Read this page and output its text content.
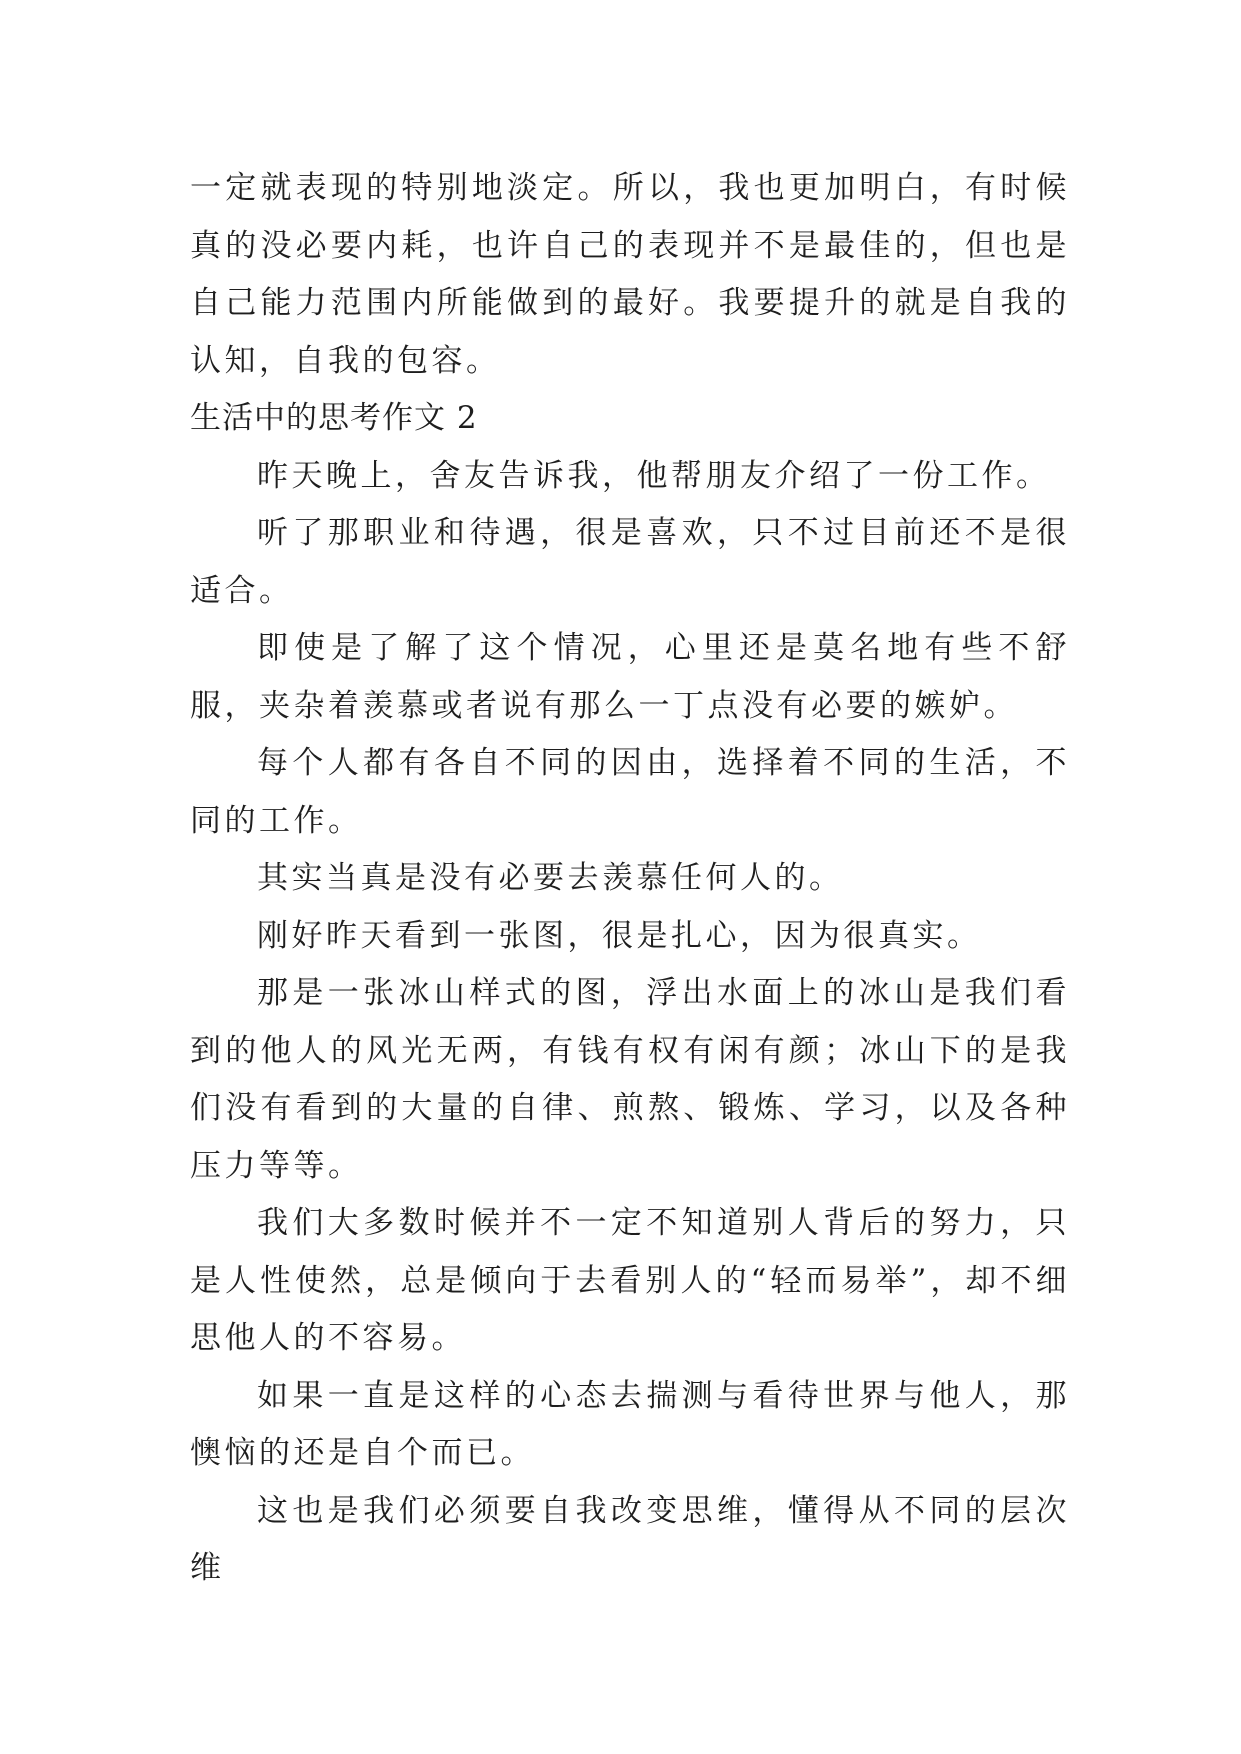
一定就表现的特别地淡定。所以，我也更加明白，有时候真的没必要内耗，也许自己的表现并不是最佳的，但也是自己能力范围内所能做到的最好。我要提升的就是自我的认知，自我的包容。

生活中的思考作文 2

昨天晚上，舍友告诉我，他帮朋友介绍了一份工作。

听了那职业和待遇，很是喜欢，只不过目前还不是很适合。

即使是了解了这个情况，心里还是莫名地有些不舒服，夹杂着羡慕或者说有那么一丁点没有必要的嫉妒。

每个人都有各自不同的因由，选择着不同的生活，不同的工作。

其实当真是没有必要去羡慕任何人的。

刚好昨天看到一张图，很是扎心，因为很真实。

那是一张冰山样式的图，浮出水面上的冰山是我们看到的他人的风光无两，有钱有权有闲有颜；冰山下的是我们没有看到的大量的自律、煎熬、锻炼、学习，以及各种压力等等。

我们大多数时候并不一定不知道别人背后的努力，只是人性使然，总是倾向于去看别人的“轻而易举”，却不细思他人的不容易。

如果一直是这样的心态去揣测与看待世界与他人，那懊恼的还是自个而已。

这也是我们必须要自我改变思维，懂得从不同的层次维
